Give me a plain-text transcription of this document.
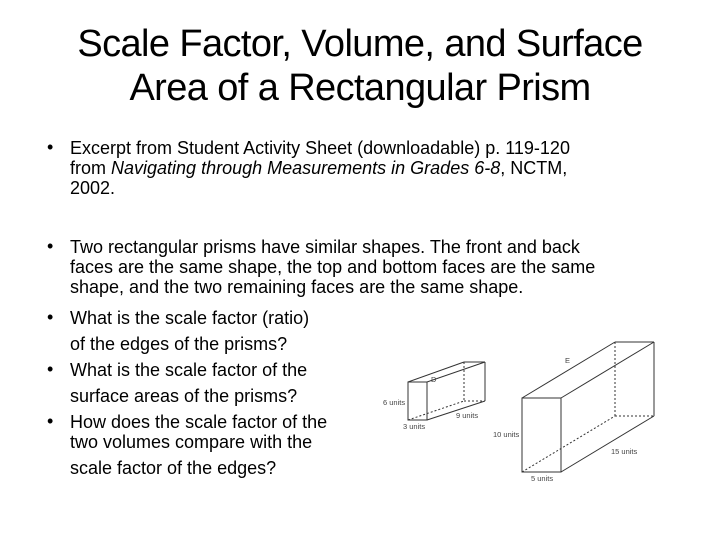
Scale Factor, Volume, and Surface
Area of a Rectangular Prism
• Excerpt from Student Activity Sheet (downloadable) p. 119-120
from Navigating through Measurements in Grades 6-8, NCTM,
2002.
• Two rectangular prisms have similar shapes. The front and back
faces are the same shape, the top and bottom faces are the same
shape, and the two remaining faces are the same shape.
• What is the scale factor (ratio)
of the edges of the prisms?
• What is the scale factor of the
surface areas of the prisms?
• How does the scale factor of the
two volumes compare with the
scale factor of the edges?
D
6 units
3 units
9 units
E
10 units
5 units
15 units
